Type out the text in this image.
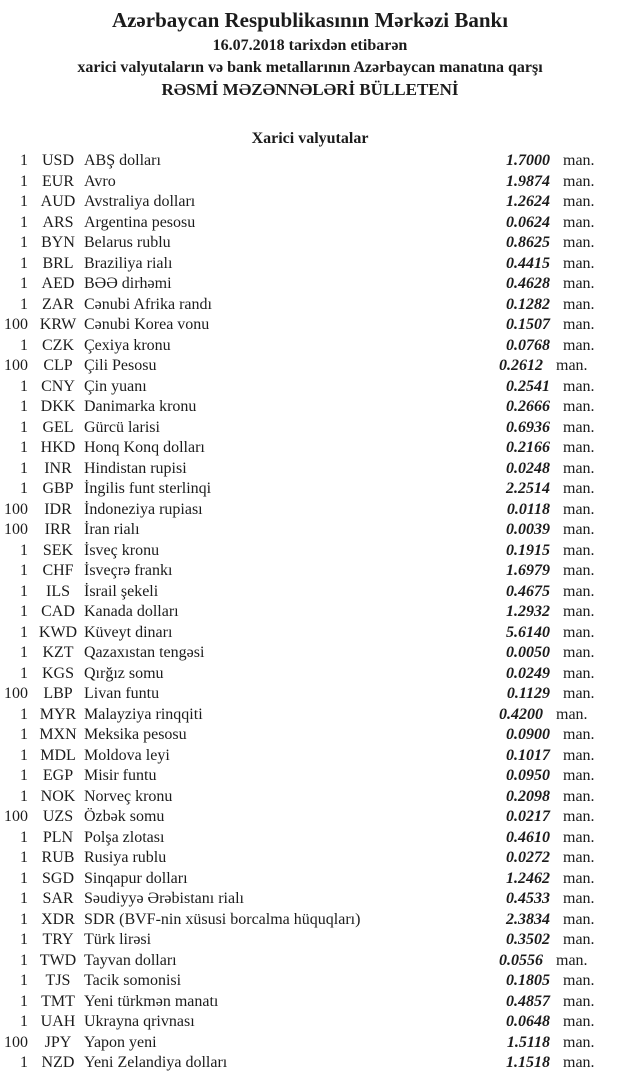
Azərbaycan Respublikasının Mərkəzi Bankı
16.07.2018 tarixdən etibarən
xarici valyutaların və bank metallarının Azərbaycan manatına qarşı
RƏSMİ MƏZƏNNƏLƏRİ BÜLLETENİ
Xarici valyutalar
1 USD ABŞ dolları	1.7000 man.
1 EUR Avro	1.9874 man.
1 AUD Avstraliya dolları	1.2624 man.
1 ARS Argentina pesosu	0.0624 man.
1 BYN Belarus rublu	0.8625 man.
1 BRL Braziliya rialı	0.4415 man.
1 AED BƏƏ dirhəmi	0.4628 man.
1 ZAR Cənubi Afrika randı	0.1282 man.
100 KRW Cənubi Korea vonu	0.1507 man.
1 CZK Çexiya kronu	0.0768 man.
100 CLP Çili Pesosu	0.2612 man.
1 CNY Çin yuanı	0.2541 man.
1 DKK Danimarka kronu	0.2666 man.
1 GEL Gürcü larisi	0.6936 man.
1 HKD Honq Konq dolları	0.2166 man.
1	INR Hindistan rupisi	0.0248 man.
1 GBP İngilis funt sterlinqi	2.2514 man.
100	IDR İndoneziya rupiası	0.0118 man.
100	IRR İran rialı	0.0039 man.
1 SEK İsveç kronu	0.1915 man.
1 CHF İsveçrə frankı	1.6979 man.
1	ILS İsrail şekeli	0.4675 man.
1 CAD Kanada dolları	1.2932 man.
1 KWD Küveyt dinarı	5.6140 man.
1 KZT Qazaxıstan tengəsi	0.0050 man.
1 KGS Qırğız somu	0.0249 man.
100 LBP Livan funtu	0.1129 man.
1 MYR Malayziya rinqqiti	0.4200 man.
1 MXN Meksika pesosu	0.0900 man.
1 MDL Moldova leyi	0.1017 man.
1 EGP Misir funtu	0.0950 man.
1 NOK Norveç kronu	0.2098 man.
100 UZS Özbək somu	0.0217 man.
1 PLN Polşa zlotası	0.4610 man.
1 RUB Rusiya rublu	0.0272 man.
1 SGD Sinqapur dolları	1.2462 man.
1 SAR Səudiyyə Ərəbistanı rialı	0.4533 man.
1 XDR SDR (BVF-nin xüsusi borcalma hüquqları)	2.3834 man.
1 TRY Türk lirəsi	0.3502 man.
1 TWD Tayvan dolları	0.0556 man.
1	TJS Tacik somonisi	0.1805 man.
1 TMT Yeni türkmən manatı	0.4857 man.
1 UAH Ukrayna qrivnası	0.0648 man.
100	JPY Yapon yeni	1.5118 man.
1 NZD Yeni Zelandiya dolları	1.1518 man.
